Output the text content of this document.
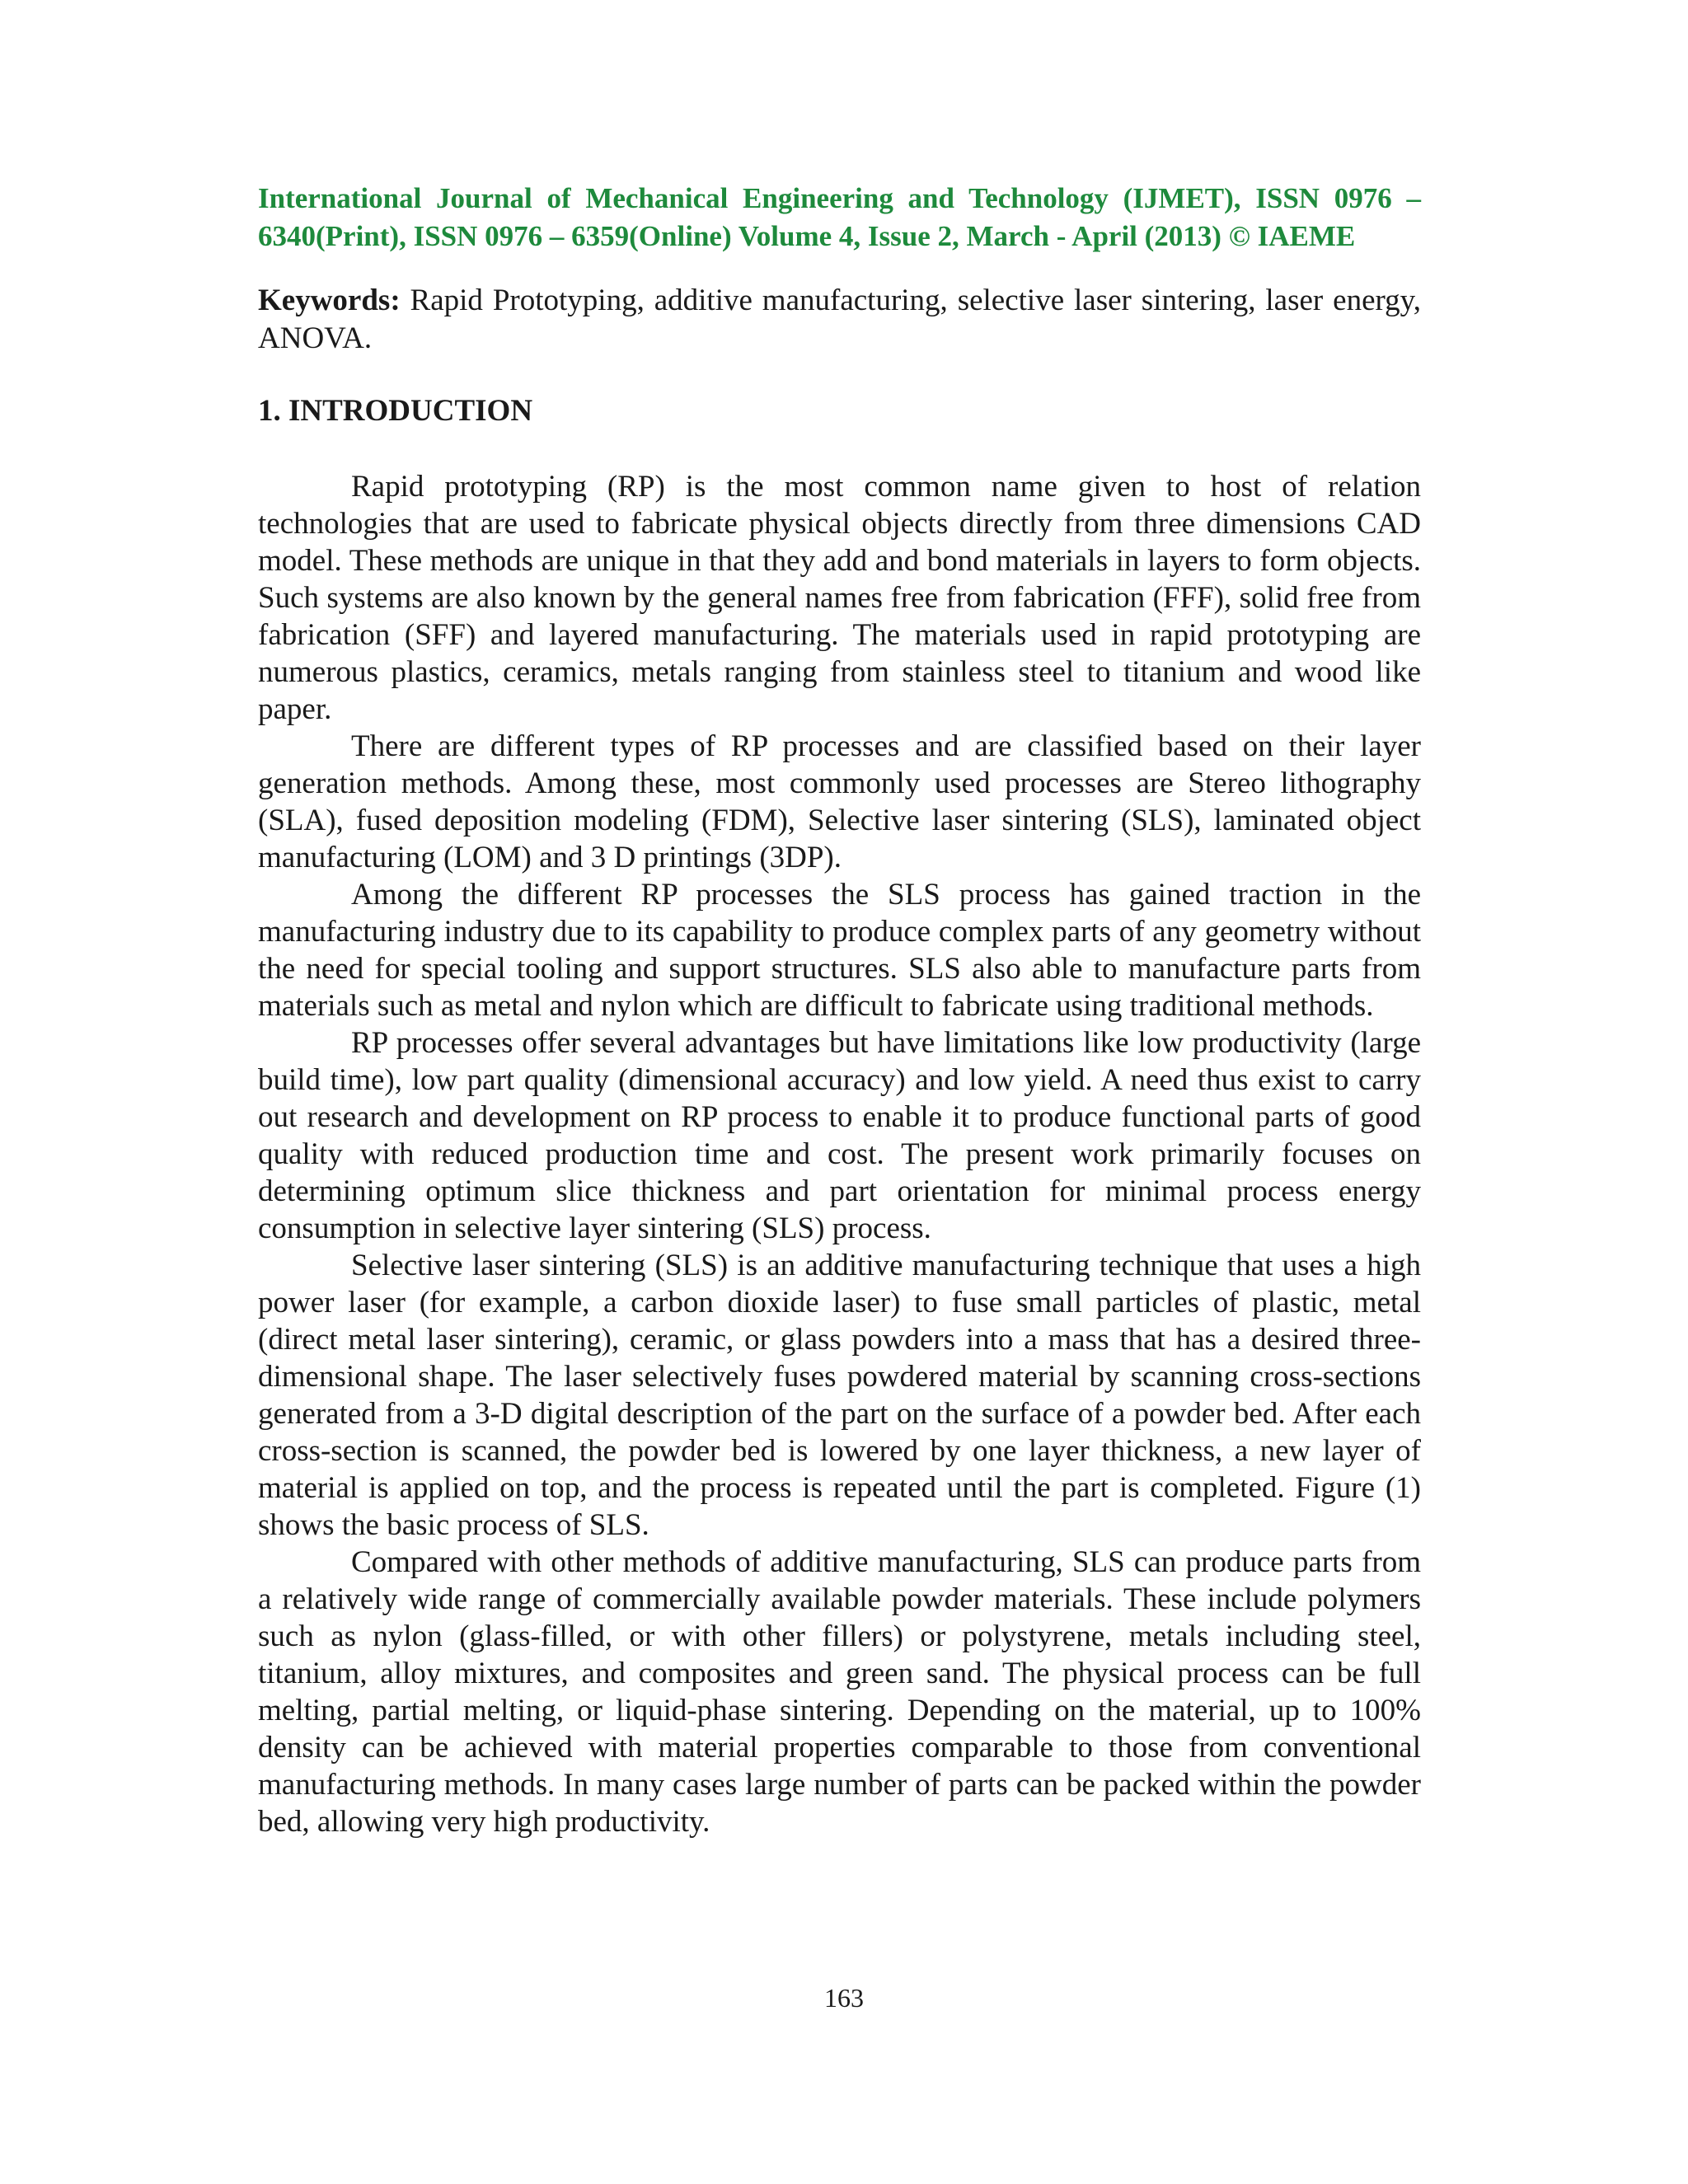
International Journal of Mechanical Engineering and Technology (IJMET), ISSN 0976 – 6340(Print), ISSN 0976 – 6359(Online) Volume 4, Issue 2, March - April (2013) © IAEME

Keywords: Rapid Prototyping, additive manufacturing, selective laser sintering, laser energy, ANOVA.

1. INTRODUCTION

Rapid prototyping (RP) is the most common name given to host of relation technologies that are used to fabricate physical objects directly from three dimensions CAD model. These methods are unique in that they add and bond materials in layers to form objects. Such systems are also known by the general names free from fabrication (FFF), solid free from fabrication (SFF) and layered manufacturing. The materials used in rapid prototyping are numerous plastics, ceramics, metals ranging from stainless steel to titanium and wood like paper.

There are different types of RP processes and are classified based on their layer generation methods. Among these, most commonly used processes are Stereo lithography (SLA), fused deposition modeling (FDM), Selective laser sintering (SLS), laminated object manufacturing (LOM) and 3 D printings (3DP).

Among the different RP processes the SLS process has gained traction in the manufacturing industry due to its capability to produce complex parts of any geometry without the need for special tooling and support structures. SLS also able to manufacture parts from materials such as metal and nylon which are difficult to fabricate using traditional methods.

RP processes offer several advantages but have limitations like low productivity (large build time), low part quality (dimensional accuracy) and low yield. A need thus exist to carry out research and development on RP process to enable it to produce functional parts of good quality with reduced production time and cost. The present work primarily focuses on determining optimum slice thickness and part orientation for minimal process energy consumption in selective layer sintering (SLS) process.

Selective laser sintering (SLS) is an additive manufacturing technique that uses a high power laser (for example, a carbon dioxide laser) to fuse small particles of plastic, metal (direct metal laser sintering), ceramic, or glass powders into a mass that has a desired three-dimensional shape. The laser selectively fuses powdered material by scanning cross-sections generated from a 3-D digital description of the part on the surface of a powder bed. After each cross-section is scanned, the powder bed is lowered by one layer thickness, a new layer of material is applied on top, and the process is repeated until the part is completed. Figure (1) shows the basic process of SLS.

Compared with other methods of additive manufacturing, SLS can produce parts from a relatively wide range of commercially available powder materials. These include polymers such as nylon (glass-filled, or with other fillers) or polystyrene, metals including steel, titanium, alloy mixtures, and composites and green sand. The physical process can be full melting, partial melting, or liquid-phase sintering. Depending on the material, up to 100% density can be achieved with material properties comparable to those from conventional manufacturing methods. In many cases large number of parts can be packed within the powder bed, allowing very high productivity.

163
